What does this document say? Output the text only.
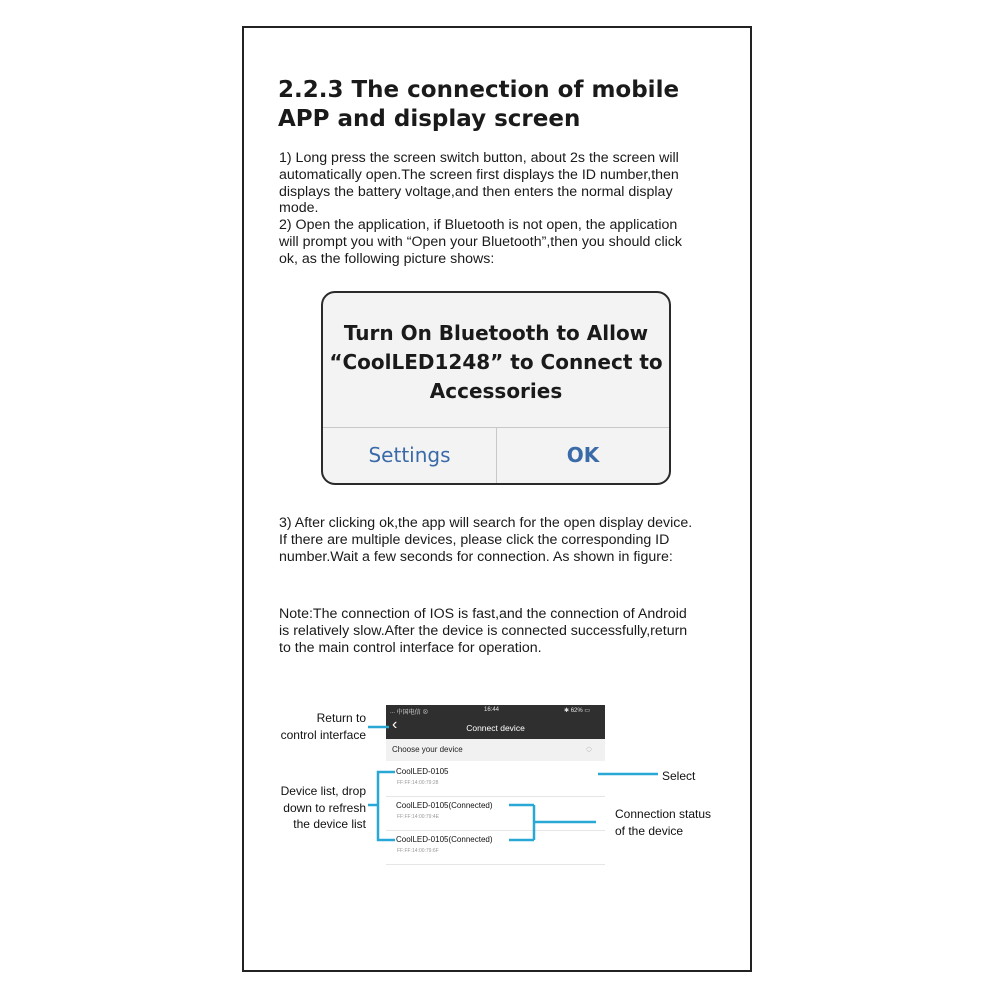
2.2.3 The connection of mobile APP and display screen
1) Long press the screen switch button, about 2s the screen will
automatically open.The screen first displays the ID number,then
displays the battery voltage,and then enters the normal display
mode.
2) Open the application, if Bluetooth is not open, the application
will prompt you with “Open your Bluetooth”,then you should click
ok, as the following picture shows:
Turn On Bluetooth to Allow
“CoolLED1248” to Connect to
Accessories
Settings	OK
3) After clicking ok,the app will search for the open display device.
If there are multiple devices, please click the corresponding ID
number.Wait a few seconds for connection. As shown in figure:
Note:The connection of IOS is fast,and the connection of Android
is relatively slow.After the device is connected successfully,return
to the main control interface for operation.
∙∙∙ 中国电信 ⊗	16:44	✱ 62% ▭
‹	Connect device
Choose your device	◌
CoolLED-0105
FF:FF:14:00:79:28
CoolLED-0105(Connected)
FF:FF:14:00:79:4E
CoolLED-0105(Connected)
FF:FF:14:00:79:6F
Return to
control interface
Device list, drop
down to refresh
the device list
Select
Connection status
of the device
